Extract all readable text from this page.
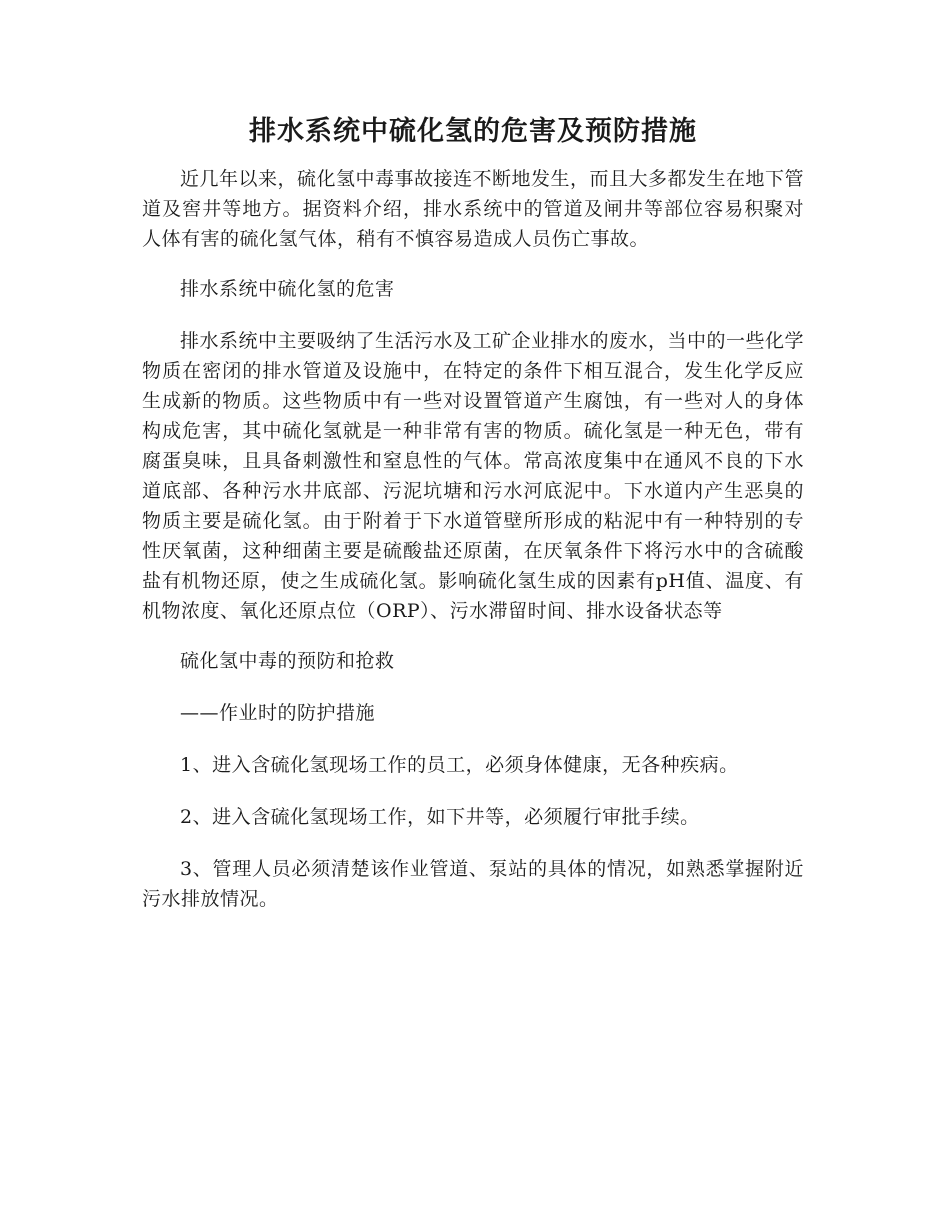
排水系统中硫化氢的危害及预防措施

近几年以来，硫化氢中毒事故接连不断地发生，而且大多都发生在地下管道及窖井等地方。据资料介绍，排水系统中的管道及闸井等部位容易积聚对人体有害的硫化氢气体，稍有不慎容易造成人员伤亡事故。

排水系统中硫化氢的危害

排水系统中主要吸纳了生活污水及工矿企业排水的废水，当中的一些化学物质在密闭的排水管道及设施中，在特定的条件下相互混合，发生化学反应生成新的物质。这些物质中有一些对设置管道产生腐蚀，有一些对人的身体构成危害，其中硫化氢就是一种非常有害的物质。硫化氢是一种无色，带有腐蛋臭味，且具备刺激性和窒息性的气体。常高浓度集中在通风不良的下水道底部、各种污水井底部、污泥坑塘和污水河底泥中。下水道内产生恶臭的物质主要是硫化氢。由于附着于下水道管壁所形成的粘泥中有一种特别的专性厌氧菌，这种细菌主要是硫酸盐还原菌，在厌氧条件下将污水中的含硫酸盐有机物还原，使之生成硫化氢。影响硫化氢生成的因素有pH值、温度、有机物浓度、氧化还原点位（ORP）、污水滞留时间、排水设备状态等

硫化氢中毒的预防和抢救

——作业时的防护措施

1、进入含硫化氢现场工作的员工，必须身体健康，无各种疾病。

2、进入含硫化氢现场工作，如下井等，必须履行审批手续。

3、管理人员必须清楚该作业管道、泵站的具体的情况，如熟悉掌握附近污水排放情况。
